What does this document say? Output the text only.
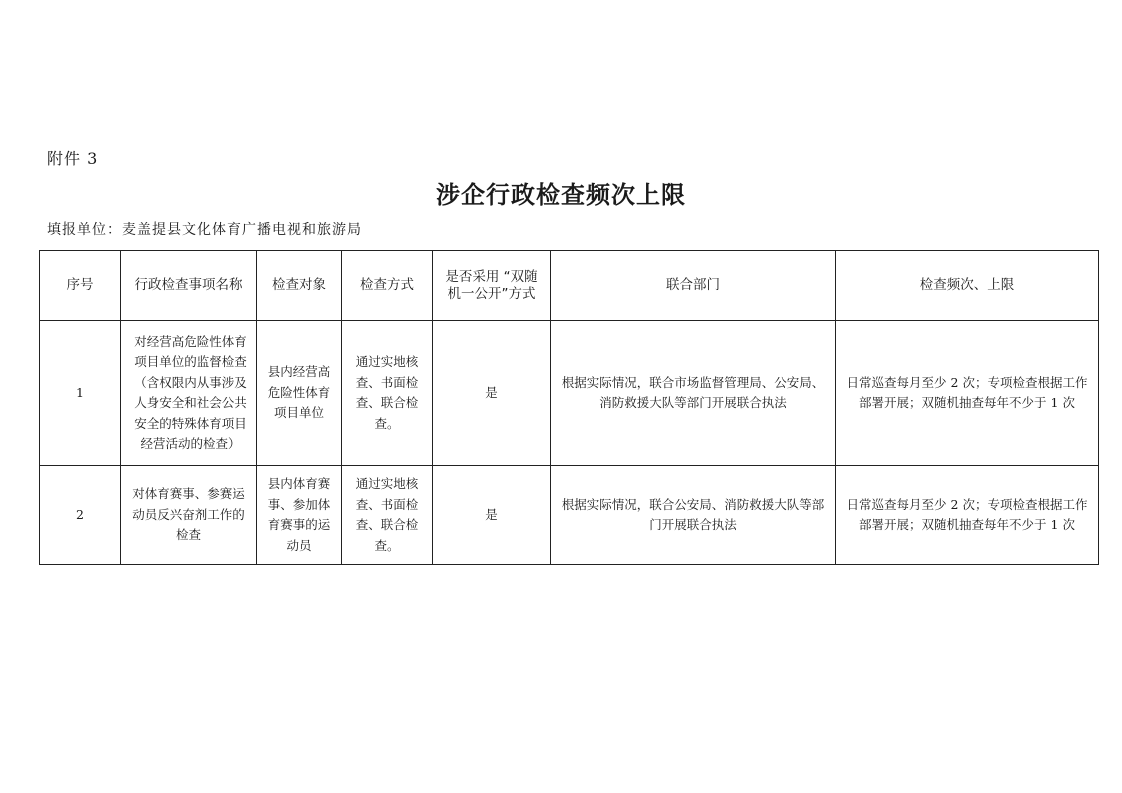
附件 3
涉企行政检查频次上限
填报单位：麦盖提县文化体育广播电视和旅游局
序号	行政检查事项名称	检查对象	检查方式	是否采用 “双随机一公开”方式	联合部门	检查频次、上限
1	对经营高危险性体育项目单位的监督检查（含权限内从事涉及人身安全和社会公共安全的特殊体育项目经营活动的检查）	县内经营高危险性体育项目单位	通过实地核查、书面检查、联合检查。	是	根据实际情况，联合市场监督管理局、公安局、消防救援大队等部门开展联合执法	日常巡查每月至少 2 次；专项检查根据工作部署开展；双随机抽查每年不少于 1 次
2	对体育赛事、参赛运动员反兴奋剂工作的检查	县内体育赛事、参加体育赛事的运动员	通过实地核查、书面检查、联合检查。	是	根据实际情况，联合公安局、消防救援大队等部门开展联合执法	日常巡查每月至少 2 次；专项检查根据工作部署开展；双随机抽查每年不少于 1 次
